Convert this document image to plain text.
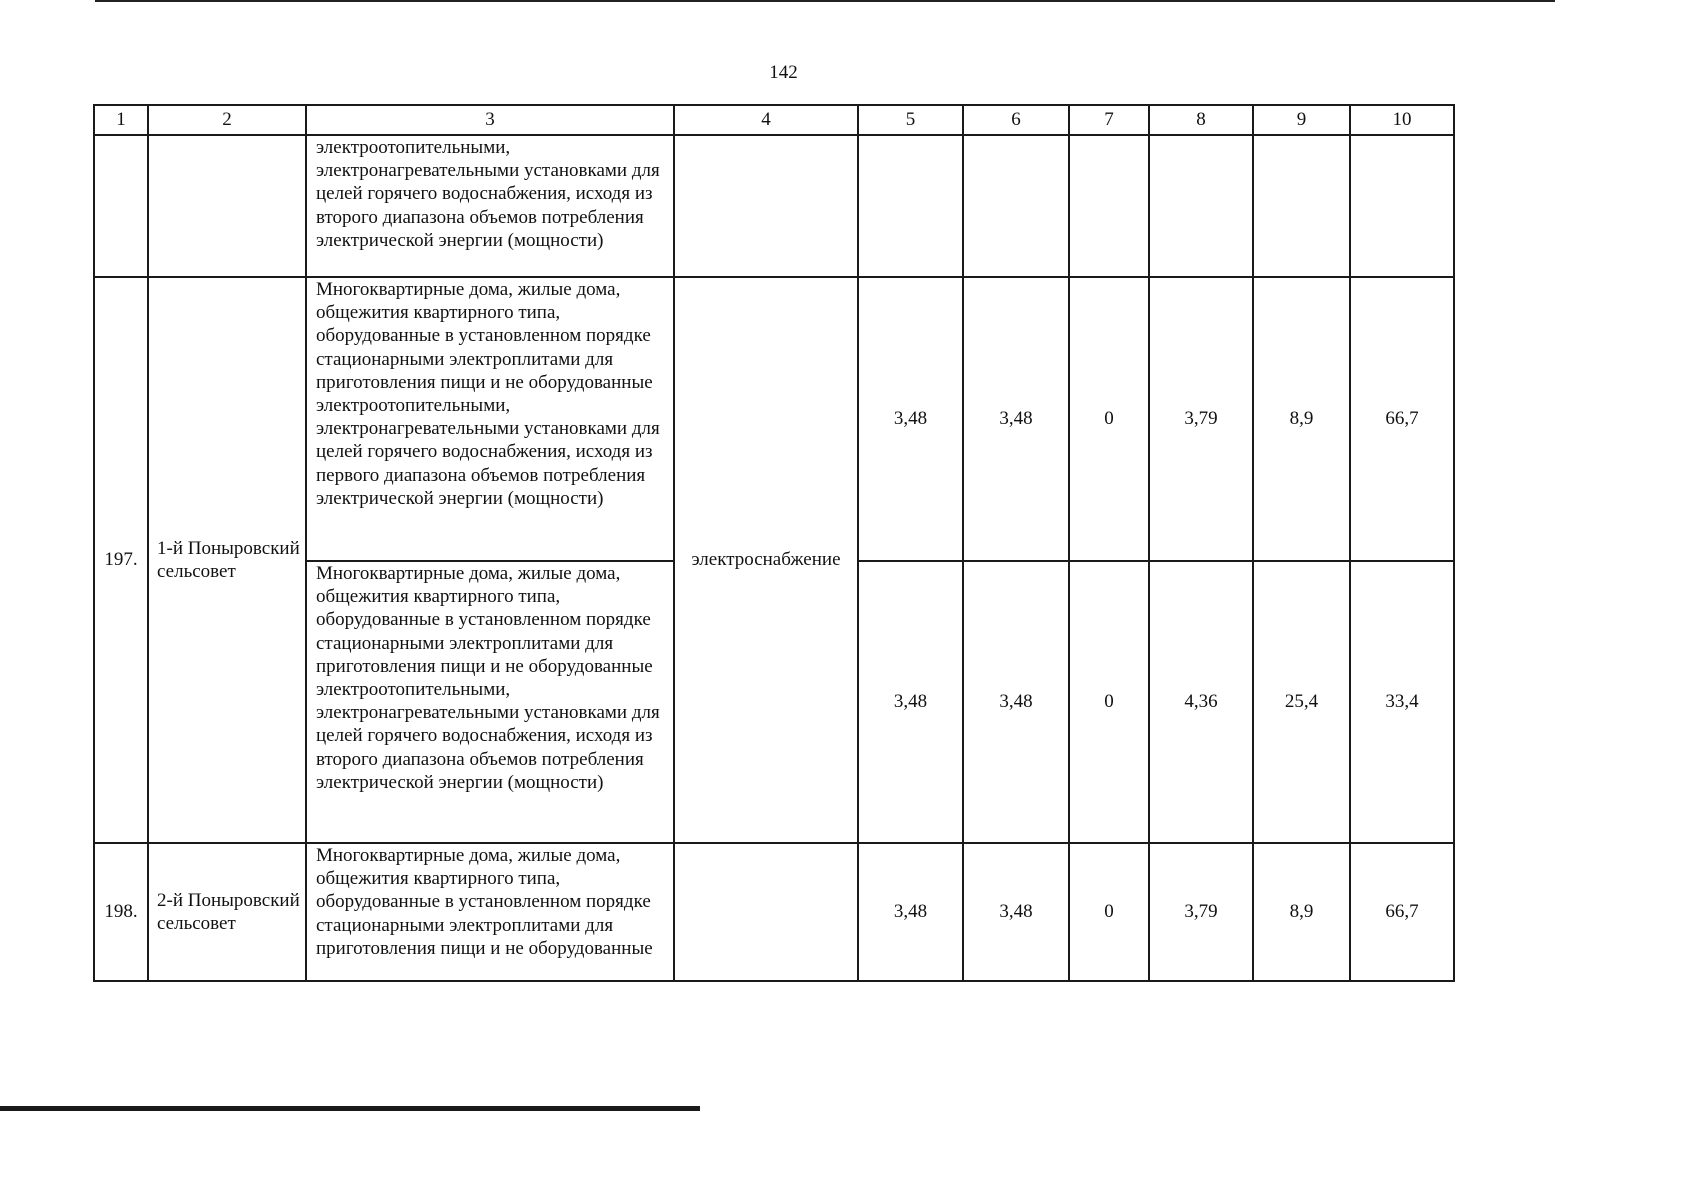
142
1	2	3	4	5	6	7	8	9	10
		электроотопительными, электронагревательными установками для целей горячего водоснабжения, исходя из второго диапазона объемов потребления электрической энергии (мощности)							
197.	1-й Поныровский сельсовет	Многоквартирные дома, жилые дома, общежития квартирного типа, оборудованные в установленном порядке стационарными электроплитами для приготовления пищи и не оборудованные электроотопительными, электронагревательными установками для целей горячего водоснабжения, исходя из первого диапазона объемов потребления электрической энергии (мощности)	электроснабжение	3,48	3,48	0	3,79	8,9	66,7
		Многоквартирные дома, жилые дома, общежития квартирного типа, оборудованные в установленном порядке стационарными электроплитами для приготовления пищи и не оборудованные электроотопительными, электронагревательными установками для целей горячего водоснабжения, исходя из второго диапазона объемов потребления электрической энергии (мощности)		3,48	3,48	0	4,36	25,4	33,4
198.	2-й Поныровский сельсовет	Многоквартирные дома, жилые дома, общежития квартирного типа, оборудованные в установленном порядке стационарными электроплитами для приготовления пищи и не оборудованные		3,48	3,48	0	3,79	8,9	66,7
